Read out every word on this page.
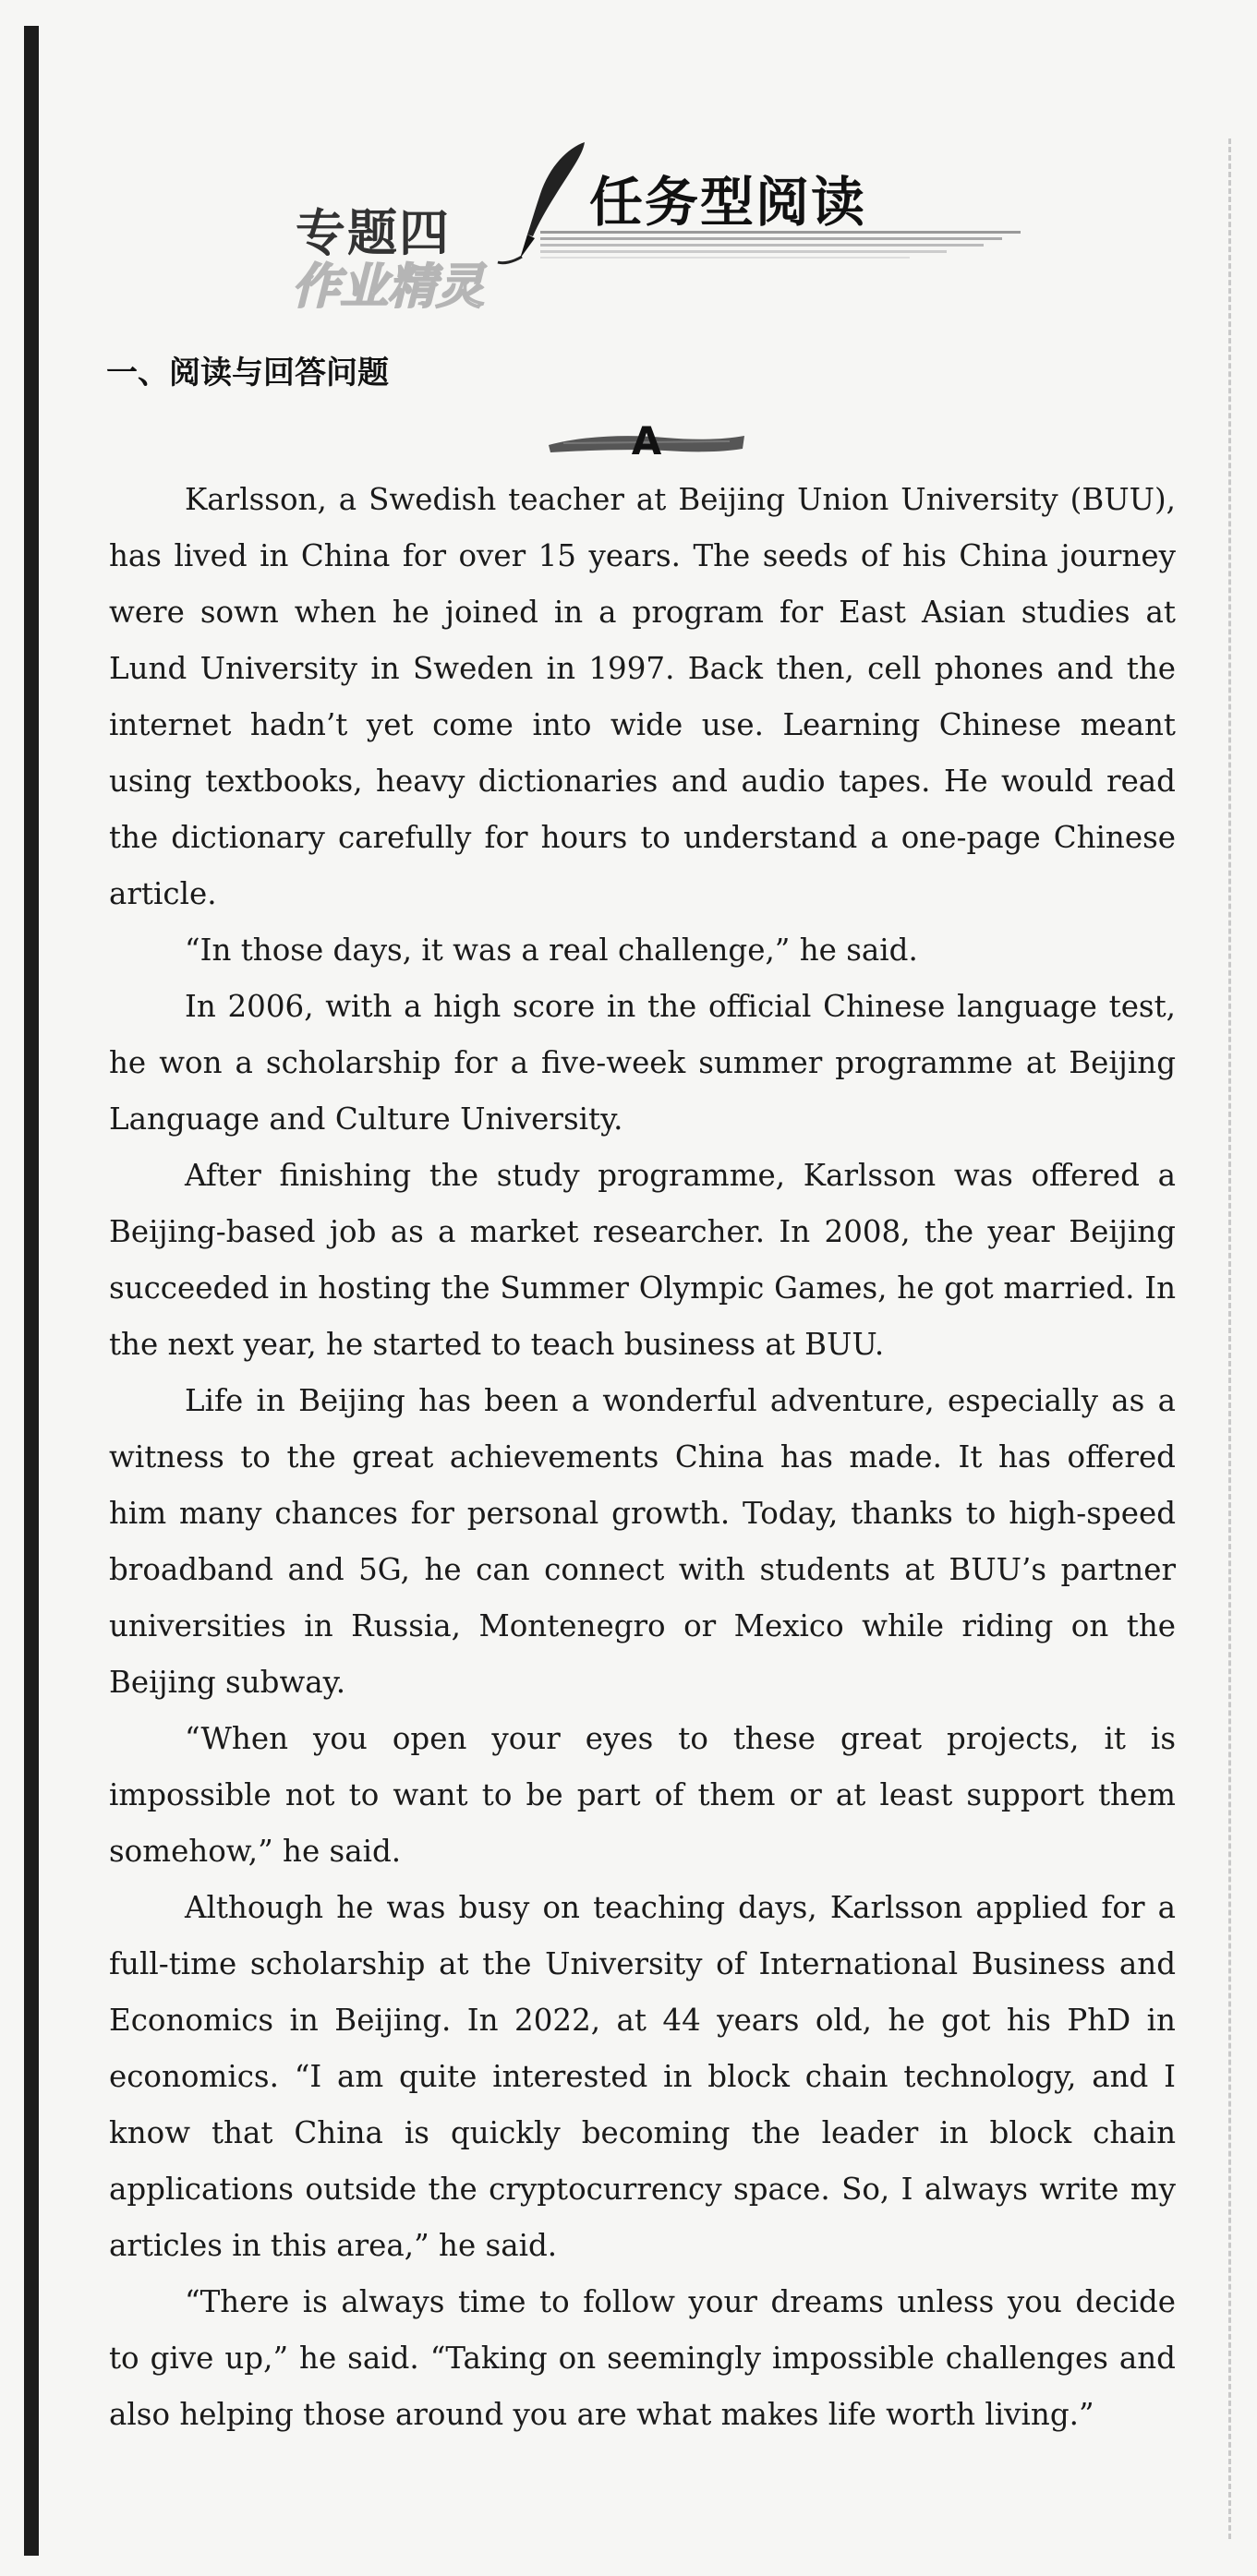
专题四
作业精灵
任务型阅读
一、阅读与回答问题
A

Karlsson, a Swedish teacher at Beijing Union University (BUU), has lived in China for over 15 years. The seeds of his China journey were sown when he joined in a program for East Asian studies at Lund University in Sweden in 1997. Back then, cell phones and the internet hadn’t yet come into wide use. Learning Chinese meant using textbooks, heavy dictionaries and audio tapes. He would read the dictionary carefully for hours to understand a one-page Chinese article.

“In those days, it was a real challenge,” he said.

In 2006, with a high score in the official Chinese language test, he won a scholarship for a five-week summer programme at Beijing Language and Culture University.

After finishing the study programme, Karlsson was offered a Beijing-based job as a market researcher. In 2008, the year Beijing succeeded in hosting the Summer Olympic Games, he got married. In the next year, he started to teach business at BUU.

Life in Beijing has been a wonderful adventure, especially as a witness to the great achievements China has made. It has offered him many chances for personal growth. Today, thanks to high-speed broadband and 5G, he can connect with students at BUU’s partner universities in Russia, Montenegro or Mexico while riding on the Beijing subway.

“When you open your eyes to these great projects, it is impossible not to want to be part of them or at least support them somehow,” he said.

Although he was busy on teaching days, Karlsson applied for a full-time scholarship at the University of International Business and Economics in Beijing. In 2022, at 44 years old, he got his PhD in economics. “I am quite interested in block chain technology, and I know that China is quickly becoming the leader in block chain applications outside the cryptocurrency space. So, I always write my articles in this area,” he said.

“There is always time to follow your dreams unless you decide to give up,” he said. “Taking on seemingly impossible challenges and also helping those around you are what makes life worth living.”
